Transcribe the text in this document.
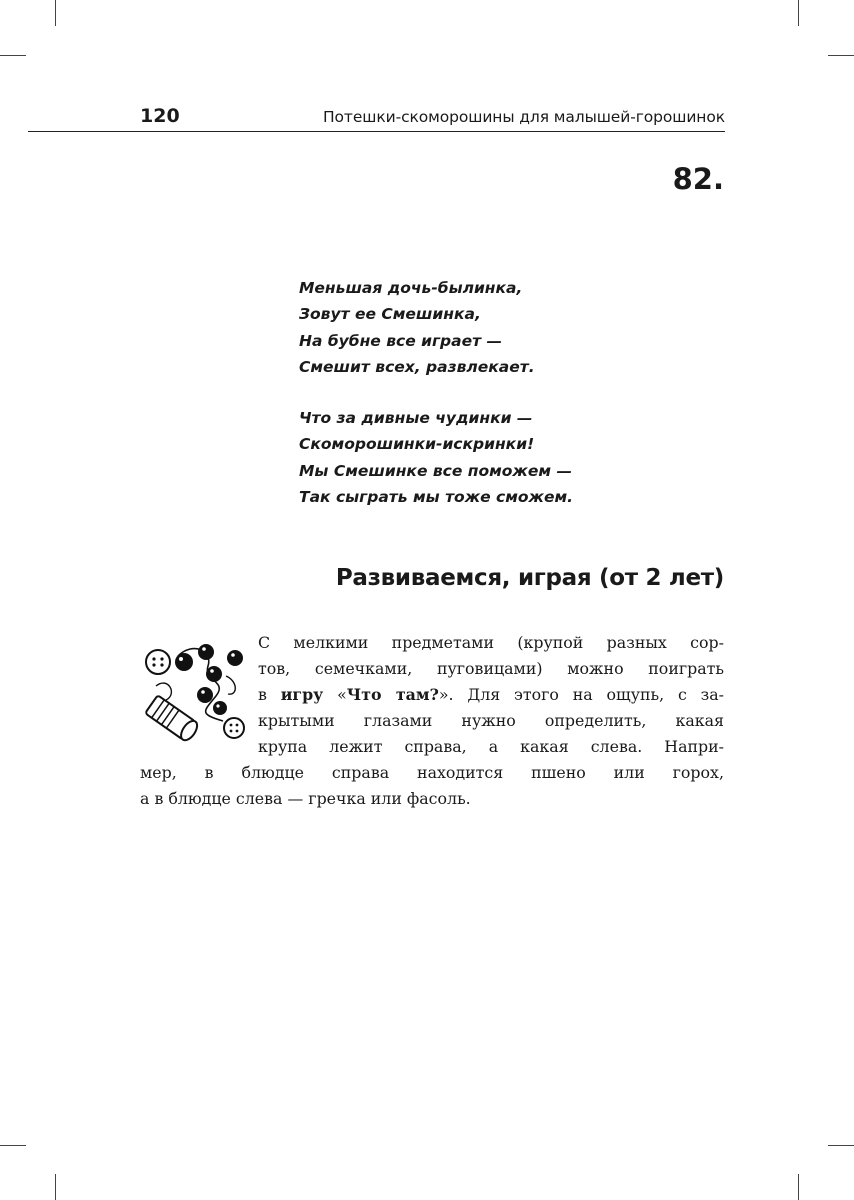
120	Потешки-скоморошины для малышей-горошинок
82.
Меньшая дочь-былинка,
Зовут ее Смешинка,
На бубне все играет —
Смешит всех, развлекает.
Что за дивные чудинки —
Скоморошинки-искринки!
Мы Смешинке все поможем —
Так сыграть мы тоже сможем.
Развиваемся, играя (от 2 лет)
С мелкими предметами (крупой разных сор-
тов, семечками, пуговицами) можно поиграть
в игру «Что там?». Для этого на ощупь, с за-
крытыми глазами нужно определить, какая
крупа лежит справа, а какая слева. Напри-
мер, в блюдце справа находится пшено или горох,
а в блюдце слева — гречка или фасоль.
